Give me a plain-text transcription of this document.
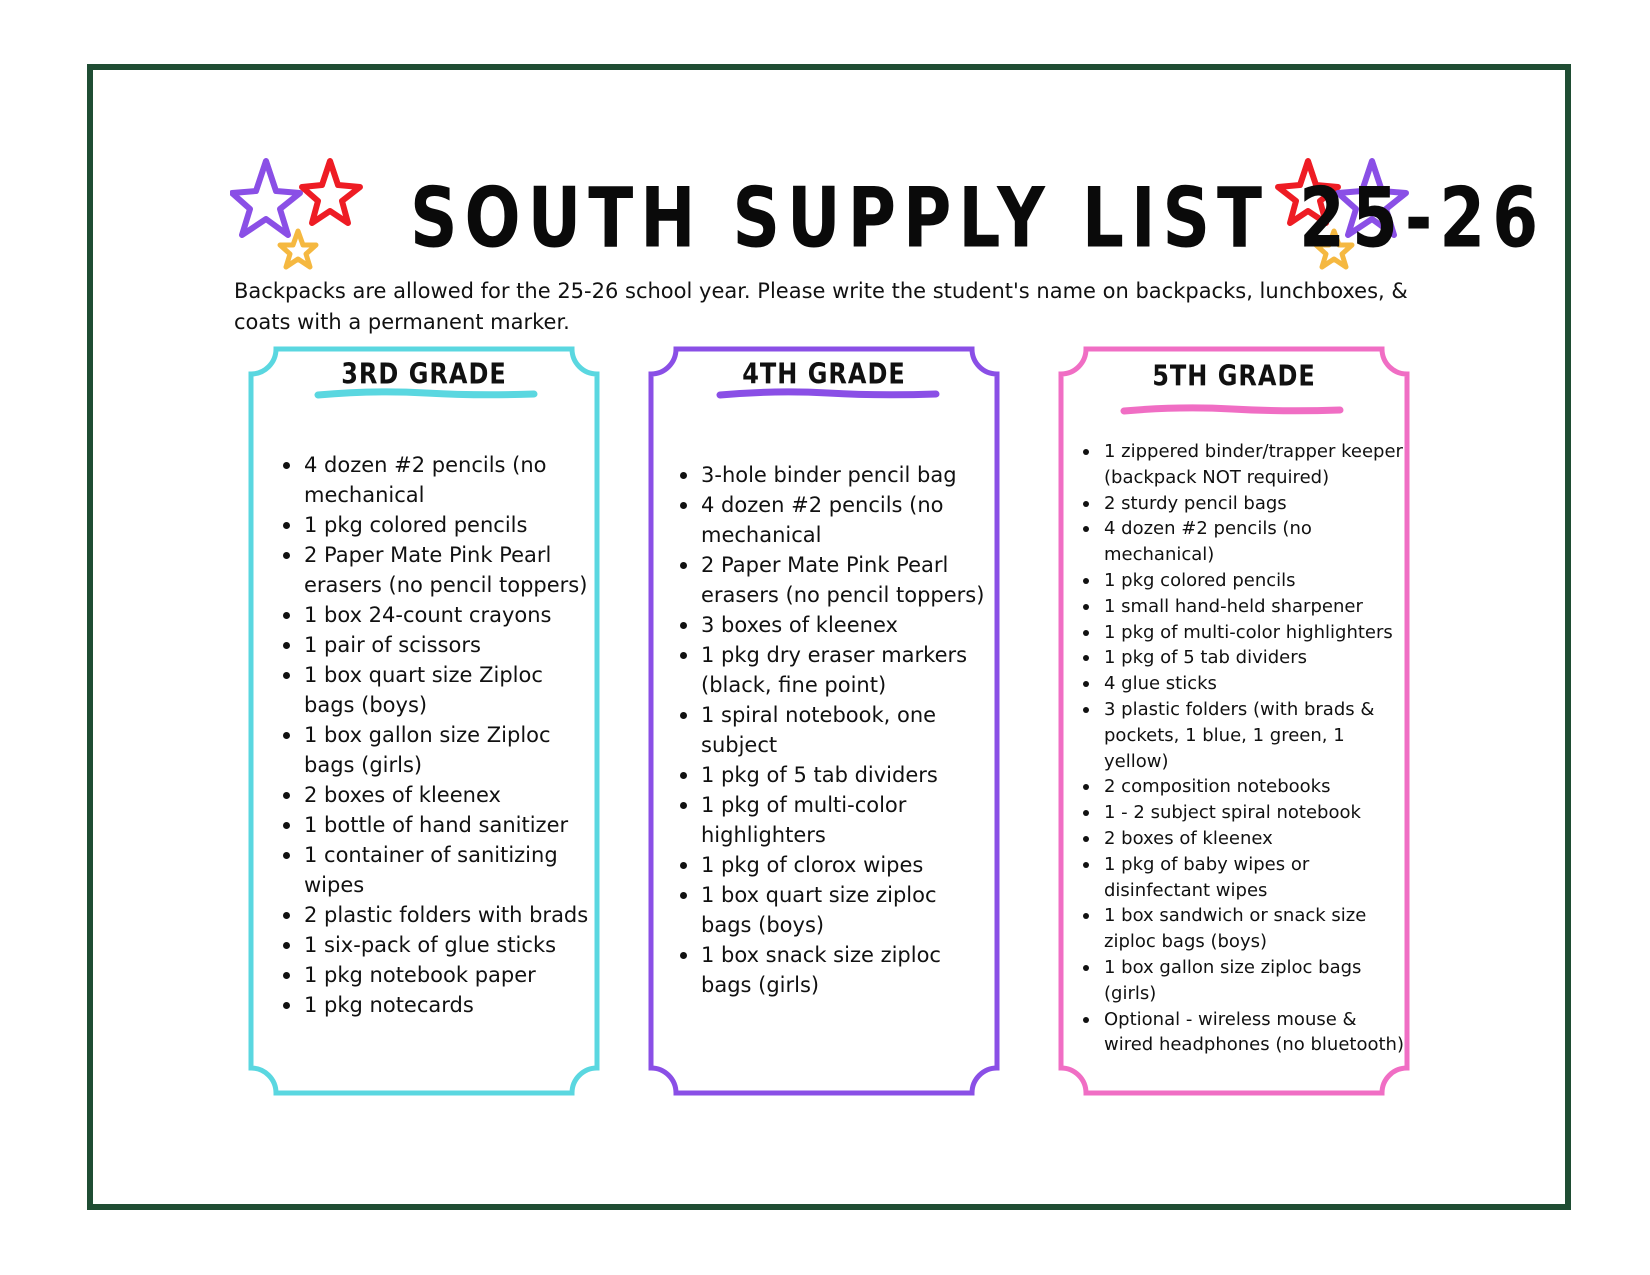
SOUTH SUPPLY LIST 25-26
Backpacks are allowed for the 25-26 school year. Please write the student's name on backpacks, lunchboxes, & coats with a permanent marker.
3RD GRADE
4 dozen #2 pencils (no mechanical
1 pkg colored pencils
2 Paper Mate Pink Pearl erasers (no pencil toppers)
1 box 24-count crayons
1 pair of scissors
1 box quart size Ziploc bags (boys)
1 box gallon size Ziploc bags (girls)
2 boxes of kleenex
1 bottle of hand sanitizer
1 container of sanitizing wipes
2 plastic folders with brads
1 six-pack of glue sticks
1 pkg notebook paper
1 pkg notecards
4TH GRADE
3-hole binder pencil bag
4 dozen #2 pencils (no mechanical
2 Paper Mate Pink Pearl erasers (no pencil toppers)
3 boxes of kleenex
1 pkg dry eraser markers (black, fine point)
1 spiral notebook, one subject
1 pkg of 5 tab dividers
1 pkg of multi-color highlighters
1 pkg of clorox wipes
1 box quart size ziploc bags (boys)
1 box snack size ziploc bags (girls)
5TH GRADE
1 zippered binder/trapper keeper (backpack NOT required)
2 sturdy pencil bags
4 dozen #2 pencils (no mechanical)
1 pkg colored pencils
1 small hand-held sharpener
1 pkg of multi-color highlighters
1 pkg of 5 tab dividers
4 glue sticks
3 plastic folders (with brads & pockets, 1 blue, 1 green, 1 yellow)
2 composition notebooks
1 - 2 subject spiral notebook
2 boxes of kleenex
1 pkg of baby wipes or disinfectant wipes
1 box sandwich or snack size ziploc bags (boys)
1 box gallon size ziploc bags (girls)
Optional - wireless mouse & wired headphones (no bluetooth)
